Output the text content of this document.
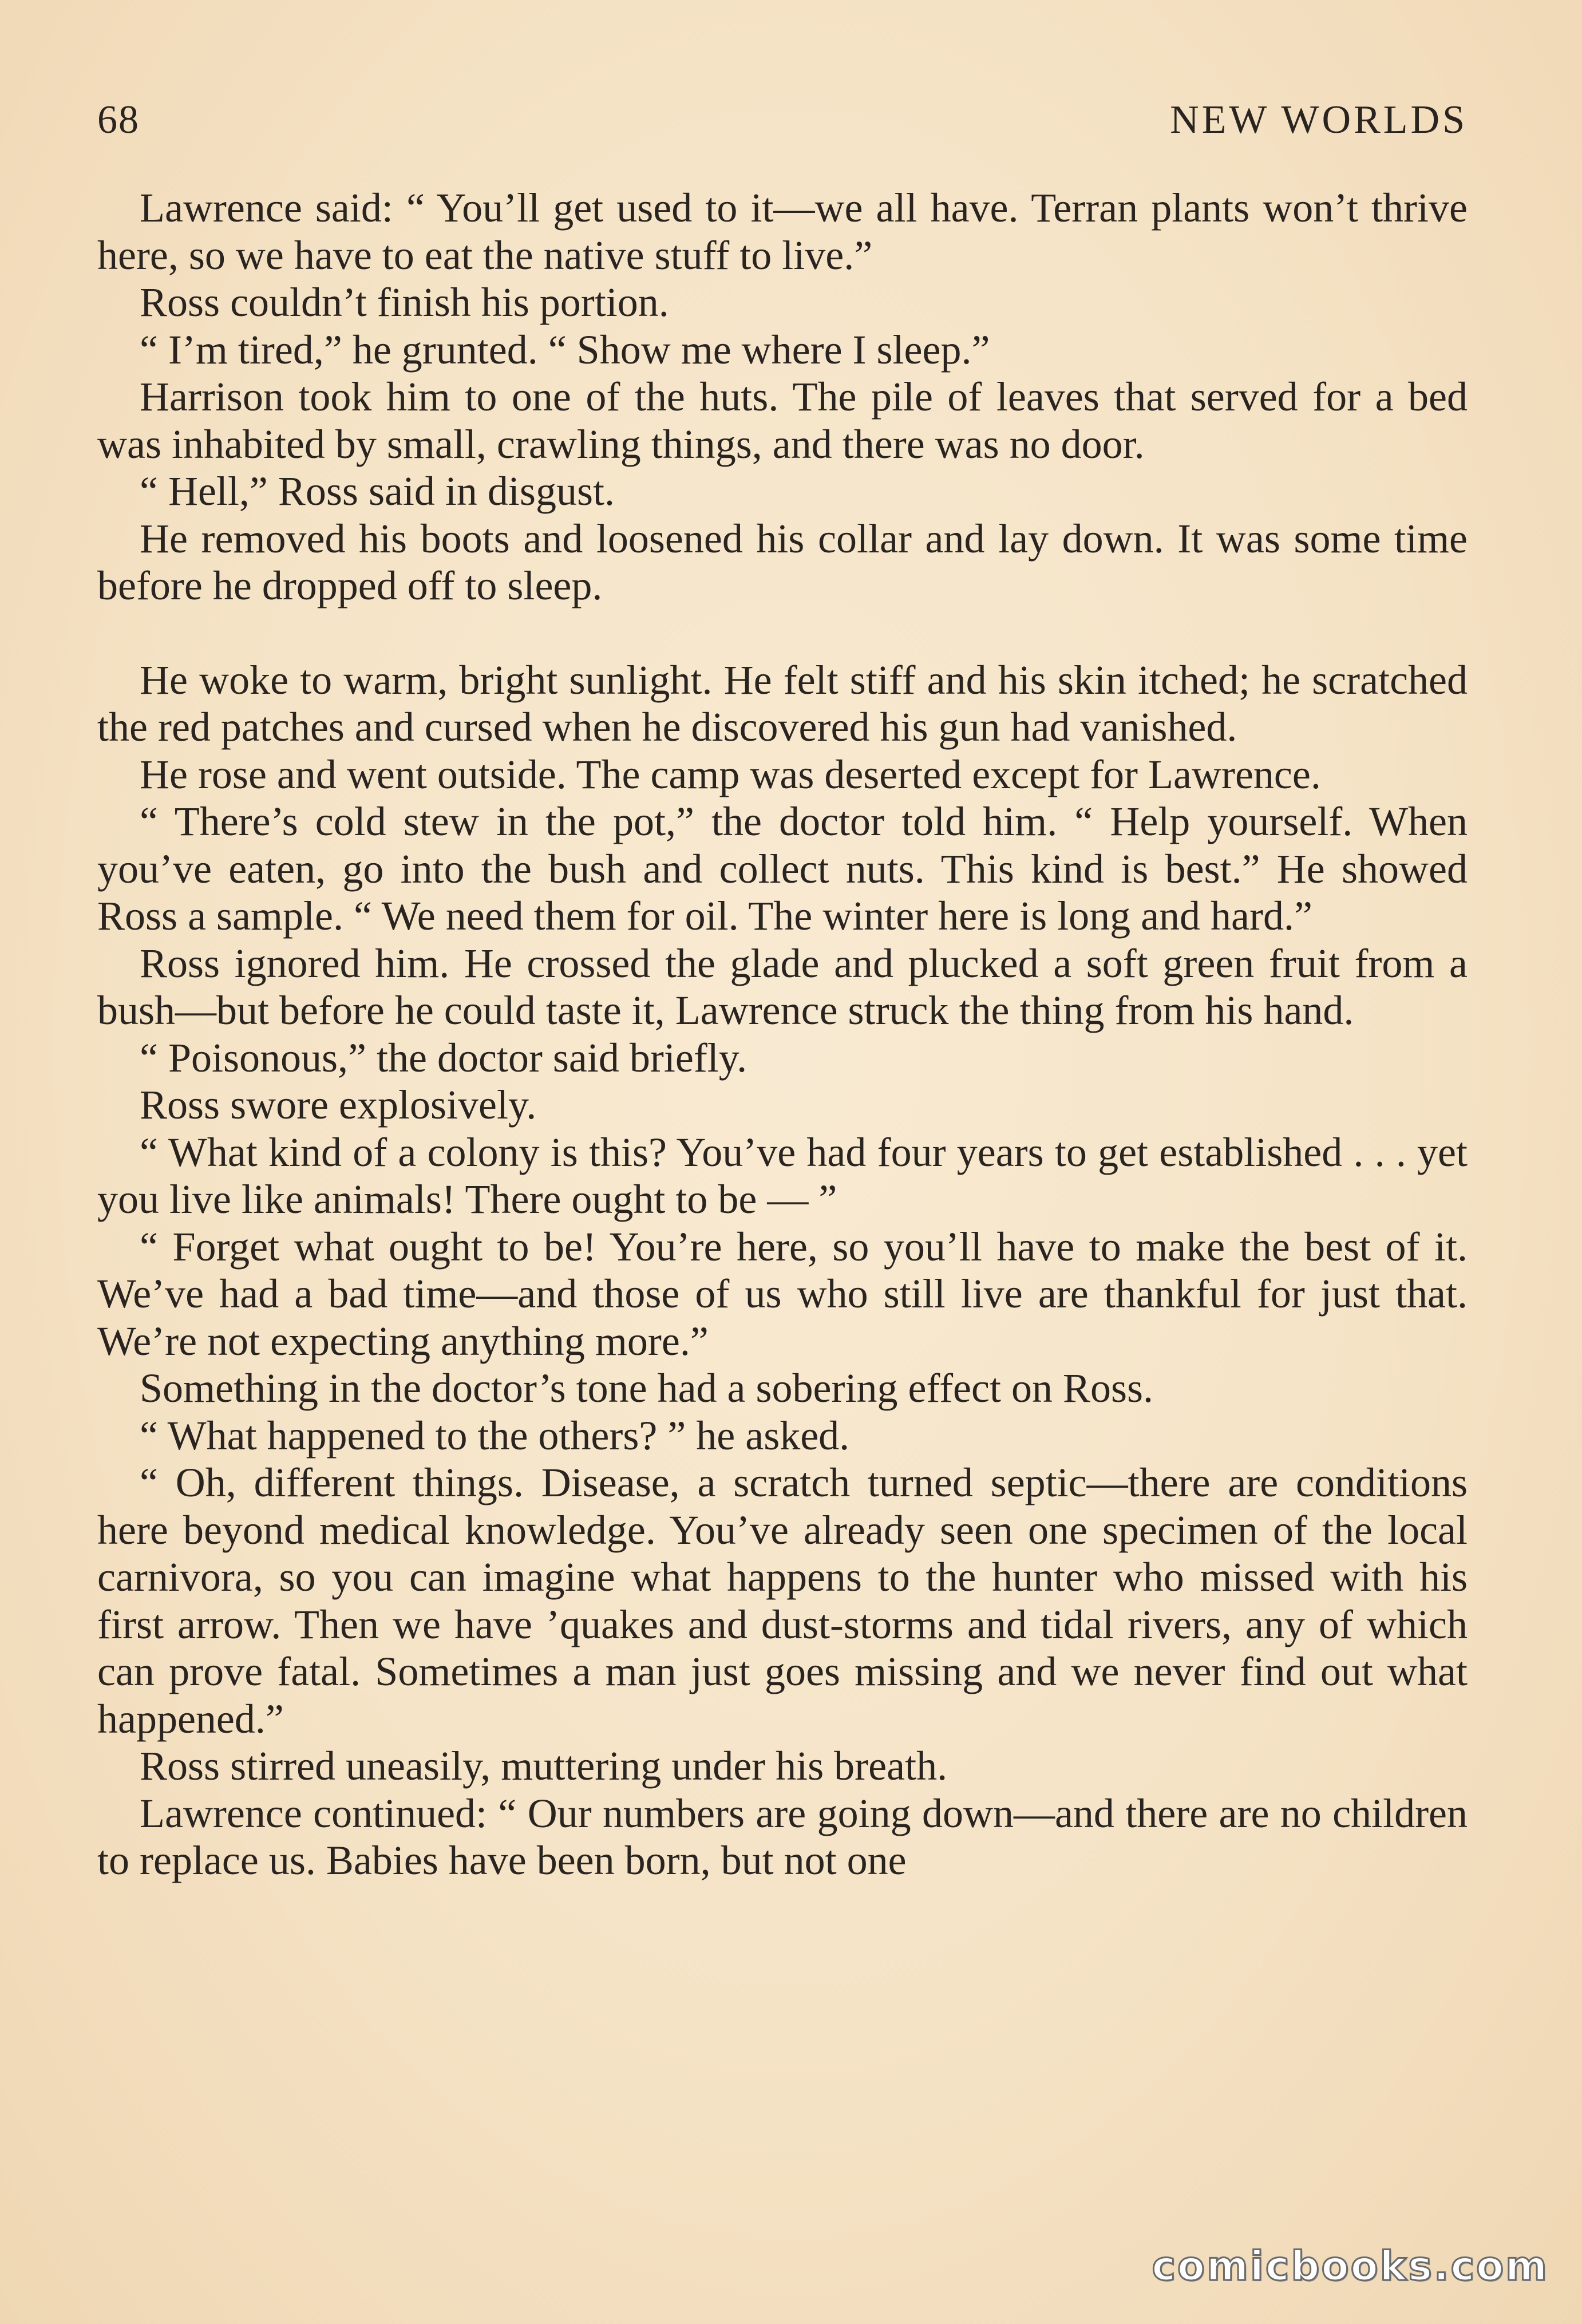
68	NEW WORLDS

Lawrence said: “ You’ll get used to it—we all have. Terran plants won’t thrive here, so we have to eat the native stuff to live.”

Ross couldn’t finish his portion.

“ I’m tired,” he grunted. “ Show me where I sleep.”

Harrison took him to one of the huts. The pile of leaves that served for a bed was inhabited by small, crawling things, and there was no door.

“ Hell,” Ross said in disgust.

He removed his boots and loosened his collar and lay down. It was some time before he dropped off to sleep.

He woke to warm, bright sunlight. He felt stiff and his skin itched; he scratched the red patches and cursed when he discovered his gun had vanished.

He rose and went outside. The camp was deserted except for Lawrence.

“ There’s cold stew in the pot,” the doctor told him. “ Help yourself. When you’ve eaten, go into the bush and collect nuts. This kind is best.” He showed Ross a sample. “ We need them for oil. The winter here is long and hard.”

Ross ignored him. He crossed the glade and plucked a soft green fruit from a bush—but before he could taste it, Lawrence struck the thing from his hand.

“ Poisonous,” the doctor said briefly.

Ross swore explosively.

“ What kind of a colony is this? You’ve had four years to get established . . . yet you live like animals! There ought to be — ”

“ Forget what ought to be! You’re here, so you’ll have to make the best of it. We’ve had a bad time—and those of us who still live are thankful for just that. We’re not expecting anything more.”

Something in the doctor’s tone had a sobering effect on Ross.

“ What happened to the others? ” he asked.

“ Oh, different things. Disease, a scratch turned septic—there are conditions here beyond medical knowledge. You’ve already seen one specimen of the local carnivora, so you can imagine what happens to the hunter who missed with his first arrow. Then we have ’quakes and dust-storms and tidal rivers, any of which can prove fatal. Sometimes a man just goes missing and we never find out what happened.”

Ross stirred uneasily, muttering under his breath.

Lawrence continued: “ Our numbers are going down—and there are no children to replace us. Babies have been born, but not one

comicbooks.com
